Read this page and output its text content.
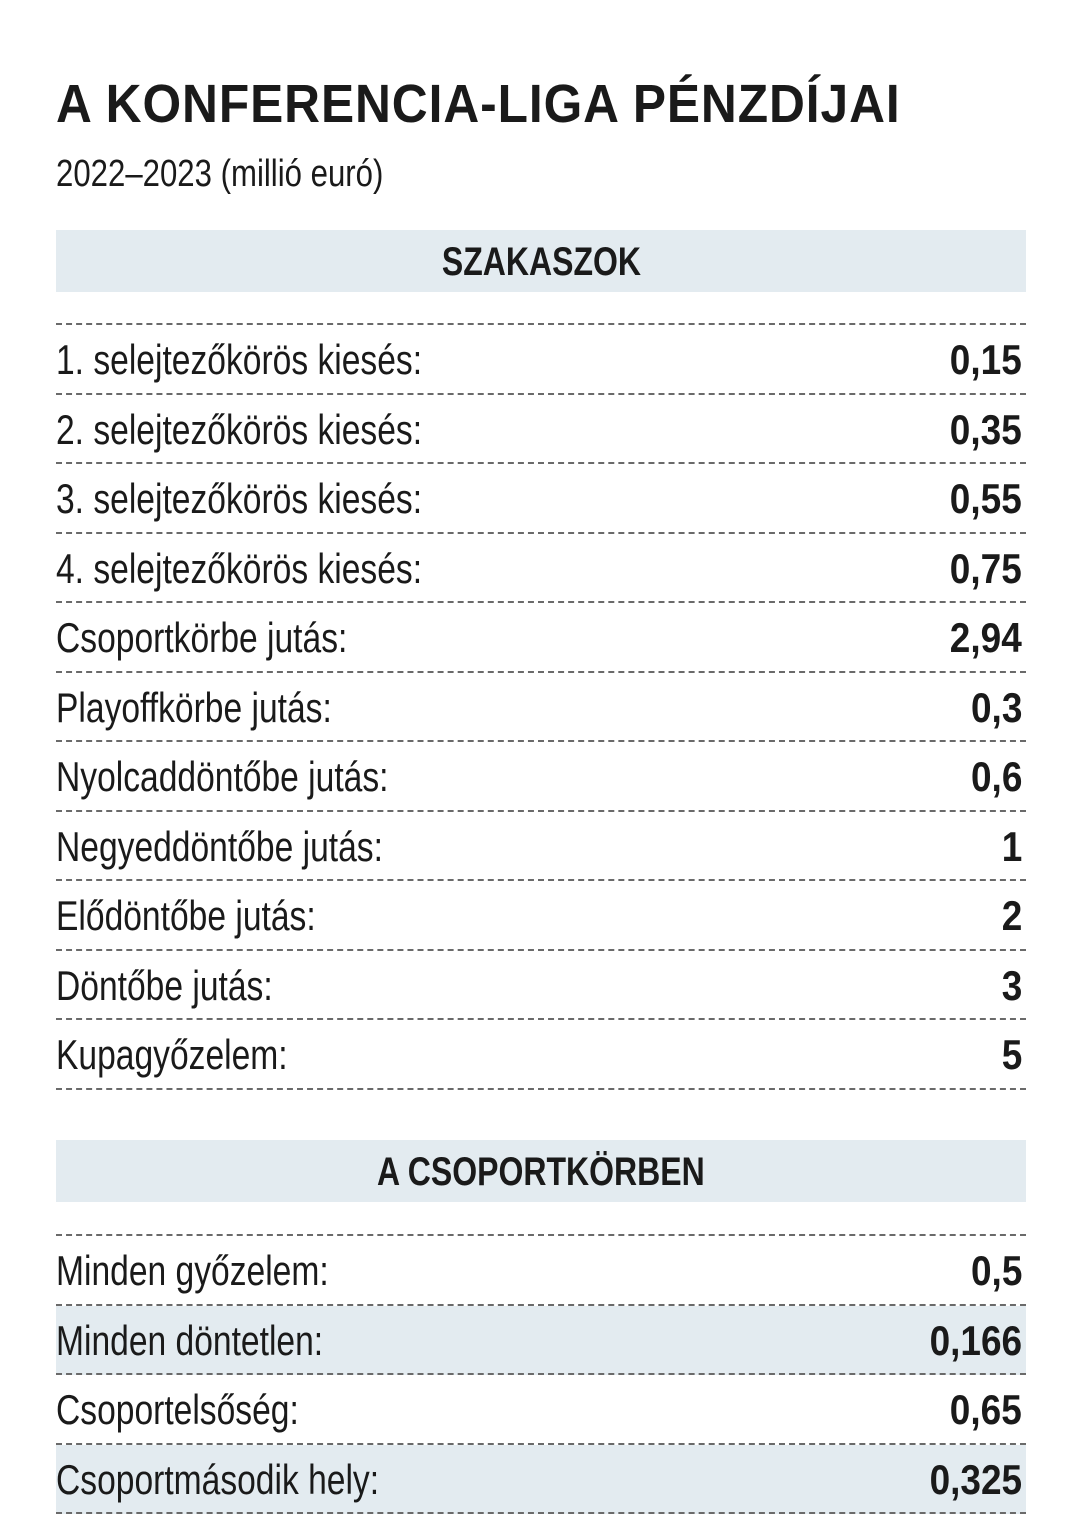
A KONFERENCIA-LIGA PÉNZDÍJAI
2022–2023 (millió euró)
SZAKASZOK
1. selejtezőkörös kiesés:	0,15
2. selejtezőkörös kiesés:	0,35
3. selejtezőkörös kiesés:	0,55
4. selejtezőkörös kiesés:	0,75
Csoportkörbe jutás:	2,94
Playoffkörbe jutás:	0,3
Nyolcaddöntőbe jutás:	0,6
Negyeddöntőbe jutás:	1
Elődöntőbe jutás:	2
Döntőbe jutás:	3
Kupagyőzelem:	5
A CSOPORTKÖRBEN
Minden győzelem:	0,5
Minden döntetlen:	0,166
Csoportelsőség:	0,65
Csoportmásodik hely:	0,325
